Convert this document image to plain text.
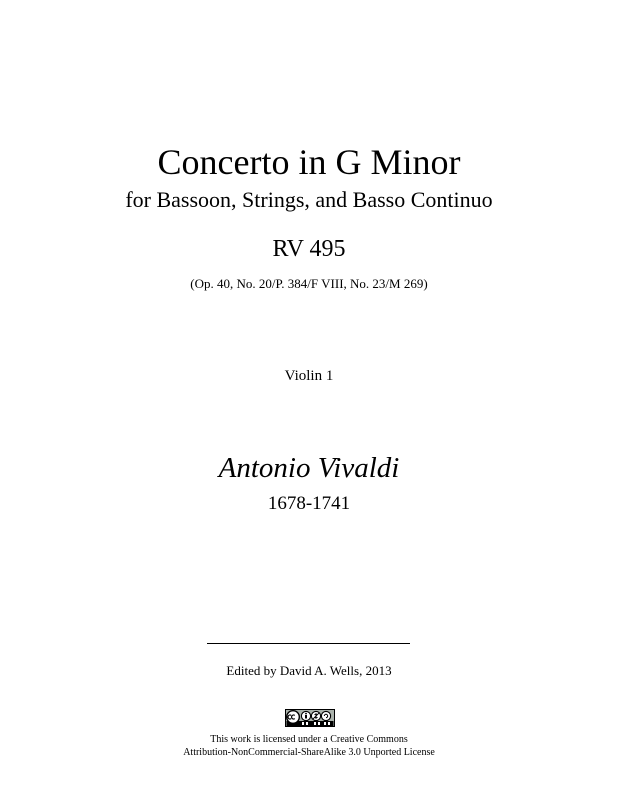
Concerto in G Minor
for Bassoon, Strings, and Basso Continuo
RV 495
(Op. 40, No. 20/P. 384/F VIII, No. 23/M 269)
Violin 1
Antonio Vivaldi
1678-1741
Edited by David A. Wells, 2013
This work is licensed under a Creative Commons
Attribution-NonCommercial-ShareAlike 3.0 Unported License
